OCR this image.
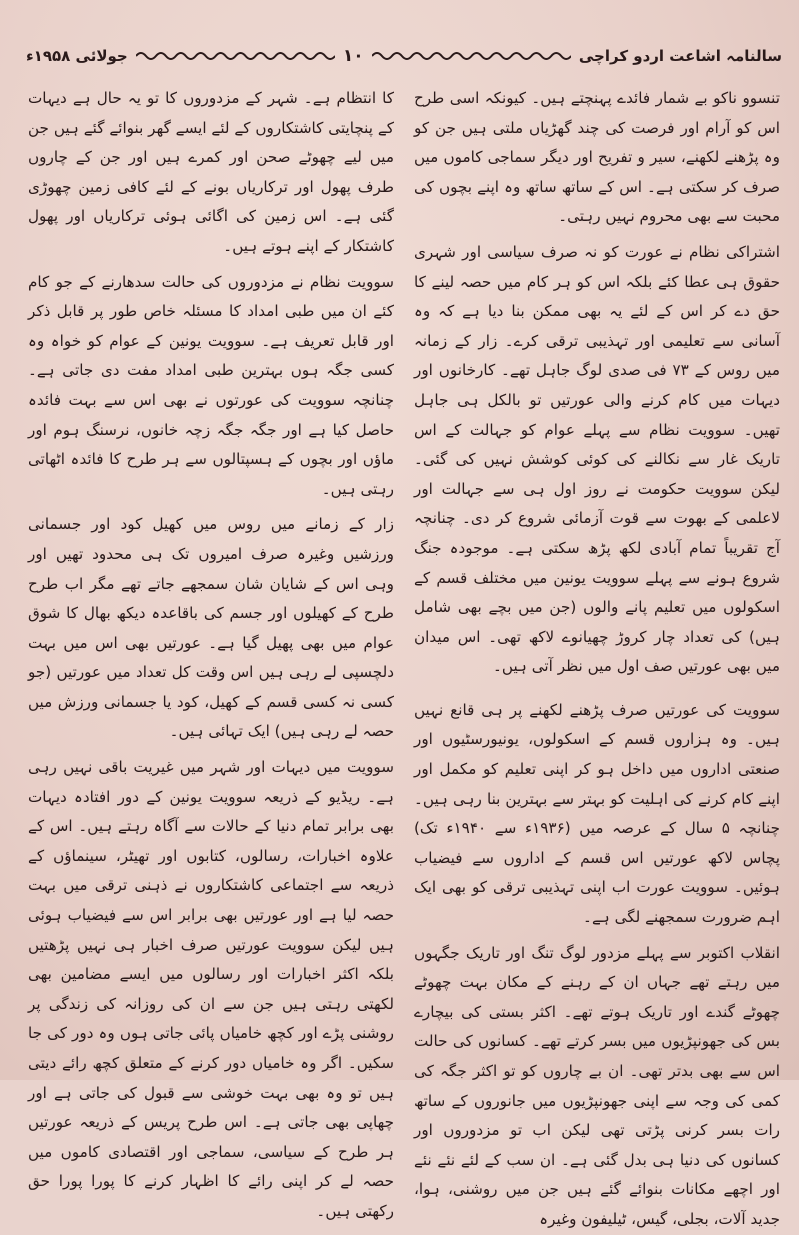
جولائی ۱۹۵۸ء	۱۰	سالنامہ اشاعت اردو کراچی

تنسوو ناکو بے شمار فائدے پہنچتے ہیں۔ کیونکہ اسی طرح اس کو آرام اور فرصت کی چند گھڑیاں ملتی ہیں جن کو وہ پڑھنے لکھنے، سیر و تفریح اور دیگر سماجی کاموں میں صرف کر سکتی ہے۔ اس کے ساتھ ساتھ وہ اپنے بچوں کی محبت سے بھی محروم نہیں رہتی۔

اشتراکی نظام نے عورت کو نہ صرف سیاسی اور شہری حقوق ہی عطا کئے بلکہ اس کو ہر کام میں حصہ لینے کا حق دے کر اس کے لئے یہ بھی ممکن بنا دیا ہے کہ وہ آسانی سے تعلیمی اور تہذیبی ترقی کرے۔ زار کے زمانہ میں روس کے ۷۳ فی صدی لوگ جاہل تھے۔ کارخانوں اور دیہات میں کام کرنے والی عورتیں تو بالکل ہی جاہل تھیں۔ سوویت نظام سے پہلے عوام کو جہالت کے اس تاریک غار سے نکالنے کی کوئی کوشش نہیں کی گئی۔ لیکن سوویت حکومت نے روز اول ہی سے جہالت اور لاعلمی کے بھوت سے قوت آزمائی شروع کر دی۔ چنانچہ آج تقریباً تمام آبادی لکھ پڑھ سکتی ہے۔ موجودہ جنگ شروع ہونے سے پہلے سوویت یونین میں مختلف قسم کے اسکولوں میں تعلیم پانے والوں (جن میں بچے بھی شامل ہیں) کی تعداد چار کروڑ چھیانوے لاکھ تھی۔ اس میدان میں بھی عورتیں صف اول میں نظر آتی ہیں۔

سوویت کی عورتیں صرف پڑھنے لکھنے پر ہی قانع نہیں ہیں۔ وہ ہزاروں قسم کے اسکولوں، یونیورسٹیوں اور صنعتی اداروں میں داخل ہو کر اپنی تعلیم کو مکمل اور اپنے کام کرنے کی اہلیت کو بہتر سے بہترین بنا رہی ہیں۔ چنانچہ ۵ سال کے عرصہ میں (۱۹۳۶ء سے ۱۹۴۰ء تک) پچاس لاکھ عورتیں اس قسم کے اداروں سے فیضیاب ہوئیں۔ سوویت عورت اب اپنی تہذیبی ترقی کو بھی ایک اہم ضرورت سمجھنے لگی ہے۔

انقلاب اکتوبر سے پہلے مزدور لوگ تنگ اور تاریک جگہوں میں رہتے تھے جہاں ان کے رہنے کے مکان بہت چھوٹے چھوٹے گندے اور تاریک ہوتے تھے۔ اکثر بستی کی بیچارے بس کی جھونپڑیوں میں بسر کرتے تھے۔ کسانوں کی حالت اس سے بھی بدتر تھی۔ ان بے چاروں کو تو اکثر جگہ کی کمی کی وجہ سے اپنی جھونپڑیوں میں جانوروں کے ساتھ رات بسر کرنی پڑتی تھی لیکن اب تو مزدوروں اور کسانوں کی دنیا ہی بدل گئی ہے۔ ان سب کے لئے نئے نئے اور اچھے مکانات بنوائے گئے ہیں جن میں روشنی، ہوا، جدید آلات، بجلی، گیس، ٹیلیفون وغیرہ

کا انتظام ہے۔ شہر کے مزدوروں کا تو یہ حال ہے دیہات کے پنچایتی کاشتکاروں کے لئے ایسے گھر بنوائے گئے ہیں جن میں لیے چھوٹے صحن اور کمرے ہیں اور جن کے چاروں طرف پھول اور ترکاریاں بونے کے لئے کافی زمین چھوڑی گئی ہے۔ اس زمین کی اگائی ہوئی ترکاریاں اور پھول کاشتکار کے اپنے ہوتے ہیں۔

سوویت نظام نے مزدوروں کی حالت سدھارنے کے جو کام کئے ان میں طبی امداد کا مسئلہ خاص طور پر قابل ذکر اور قابل تعریف ہے۔ سوویت یونین کے عوام کو خواہ وہ کسی جگہ ہوں بہترین طبی امداد مفت دی جاتی ہے۔ چنانچہ سوویت کی عورتوں نے بھی اس سے بہت فائدہ حاصل کیا ہے اور جگہ جگہ زچہ خانوں، نرسنگ ہوم اور ماؤں اور بچوں کے ہسپتالوں سے ہر طرح کا فائدہ اٹھاتی رہتی ہیں۔

زار کے زمانے میں روس میں کھیل کود اور جسمانی ورزشیں وغیرہ صرف امیروں تک ہی محدود تھیں اور وہی اس کے شایان شان سمجھے جاتے تھے مگر اب طرح طرح کے کھیلوں اور جسم کی باقاعدہ دیکھ بھال کا شوق عوام میں بھی پھیل گیا ہے۔ عورتیں بھی اس میں بہت دلچسپی لے رہی ہیں اس وقت کل تعداد میں عورتیں (جو کسی نہ کسی قسم کے کھیل، کود یا جسمانی ورزش میں حصہ لے رہی ہیں) ایک تہائی ہیں۔

سوویت میں دیہات اور شہر میں غیریت باقی نہیں رہی ہے۔ ریڈیو کے ذریعہ سوویت یونین کے دور افتادہ دیہات بھی برابر تمام دنیا کے حالات سے آگاہ رہتے ہیں۔ اس کے علاوہ اخبارات، رسالوں، کتابوں اور تھیٹر، سینماؤں کے ذریعہ سے اجتماعی کاشتکاروں نے ذہنی ترقی میں بہت حصہ لیا ہے اور عورتیں بھی برابر اس سے فیضیاب ہوئی ہیں لیکن سوویت عورتیں صرف اخبار ہی نہیں پڑھتیں بلکہ اکثر اخبارات اور رسالوں میں ایسے مضامین بھی لکھتی رہتی ہیں جن سے ان کی روزانہ کی زندگی پر روشنی پڑے اور کچھ خامیاں پائی جاتی ہوں وہ دور کی جا سکیں۔ اگر وہ خامیاں دور کرنے کے متعلق کچھ رائے دیتی ہیں تو وہ بھی بہت خوشی سے قبول کی جاتی ہے اور چھاپی بھی جاتی ہے۔ اس طرح پریس کے ذریعہ عورتیں ہر طرح کے سیاسی، سماجی اور اقتصادی کاموں میں حصہ لے کر اپنی رائے کا اظہار کرنے کا پورا پورا حق رکھتی ہیں۔
